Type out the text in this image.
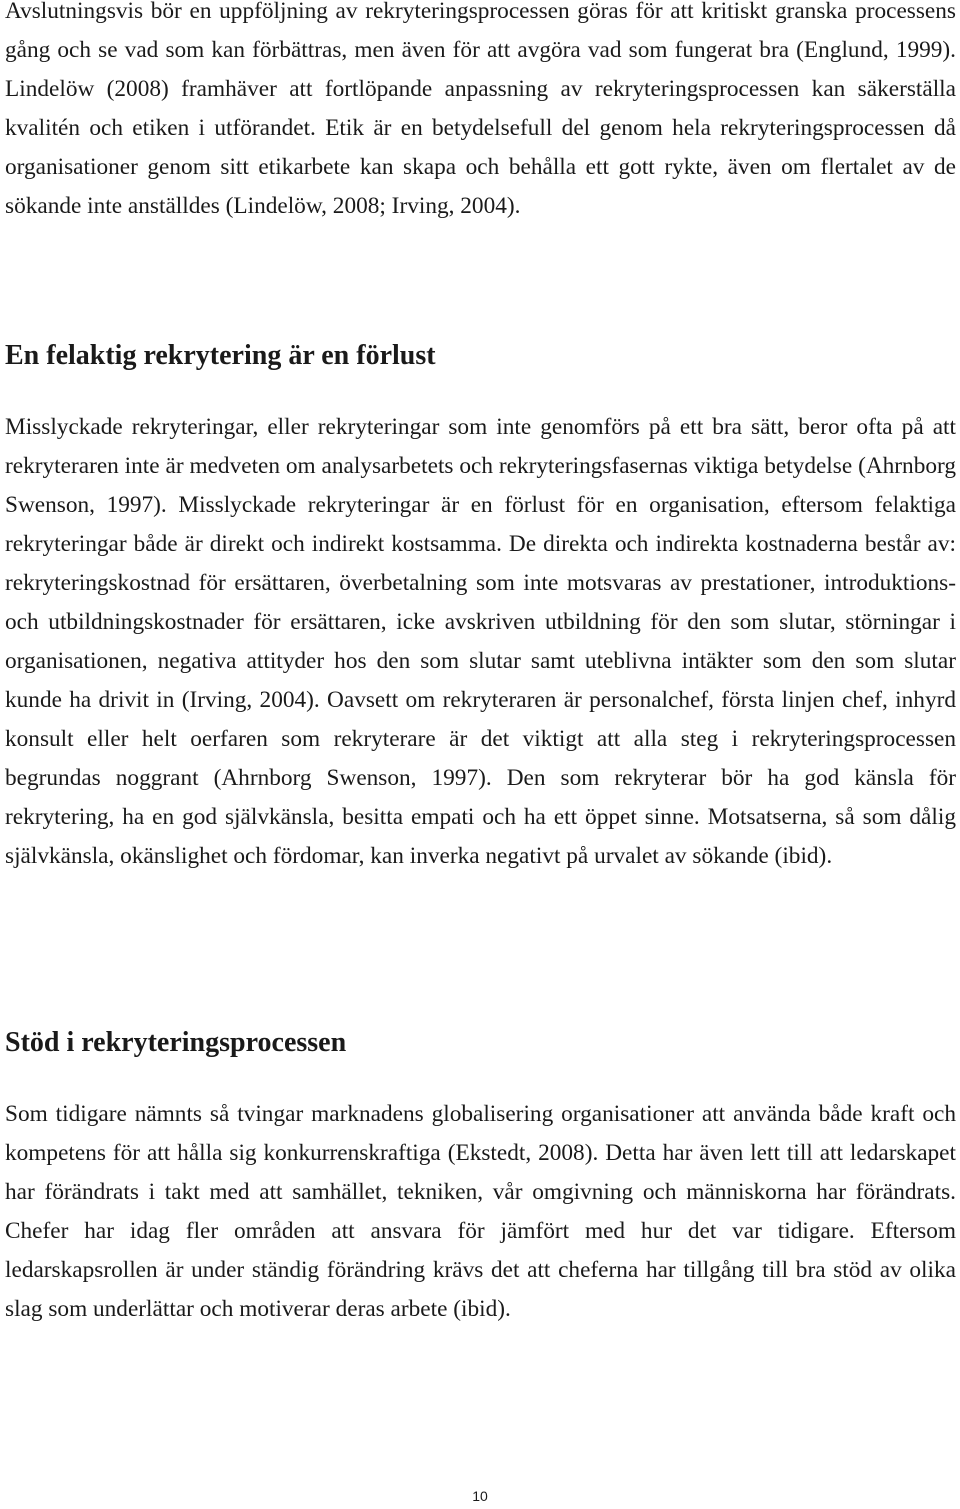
Avslutningsvis bör en uppföljning av rekryteringsprocessen göras för att kritiskt granska processens gång och se vad som kan förbättras, men även för att avgöra vad som fungerat bra (Englund, 1999). Lindelöw (2008) framhäver att fortlöpande anpassning av rekryteringsprocessen kan säkerställa kvalitén och etiken i utförandet. Etik är en betydelsefull del genom hela rekryteringsprocessen då organisationer genom sitt etikarbete kan skapa och behålla ett gott rykte, även om flertalet av de sökande inte anställdes (Lindelöw, 2008; Irving, 2004).

En felaktig rekrytering är en förlust

Misslyckade rekryteringar, eller rekryteringar som inte genomförs på ett bra sätt, beror ofta på att rekryteraren inte är medveten om analysarbetets och rekryteringsfasernas viktiga betydelse (Ahrnborg Swenson, 1997). Misslyckade rekryteringar är en förlust för en organisation, eftersom felaktiga rekryteringar både är direkt och indirekt kostsamma. De direkta och indirekta kostnaderna består av: rekryteringskostnad för ersättaren, överbetalning som inte motsvaras av prestationer, introduktions- och utbildningskostnader för ersättaren, icke avskriven utbildning för den som slutar, störningar i organisationen, negativa attityder hos den som slutar samt uteblivna intäkter som den som slutar kunde ha drivit in (Irving, 2004). Oavsett om rekryteraren är personalchef, första linjen chef, inhyrd konsult eller helt oerfaren som rekryterare är det viktigt att alla steg i rekryteringsprocessen begrundas noggrant (Ahrnborg Swenson, 1997). Den som rekryterar bör ha god känsla för rekrytering, ha en god självkänsla, besitta empati och ha ett öppet sinne. Motsatserna, så som dålig självkänsla, okänslighet och fördomar, kan inverka negativt på urvalet av sökande (ibid).

Stöd i rekryteringsprocessen

Som tidigare nämnts så tvingar marknadens globalisering organisationer att använda både kraft och kompetens för att hålla sig konkurrenskraftiga (Ekstedt, 2008). Detta har även lett till att ledarskapet har förändrats i takt med att samhället, tekniken, vår omgivning och människorna har förändrats. Chefer har idag fler områden att ansvara för jämfört med hur det var tidigare. Eftersom ledarskapsrollen är under ständig förändring krävs det att cheferna har tillgång till bra stöd av olika slag som underlättar och motiverar deras arbete (ibid).

10
